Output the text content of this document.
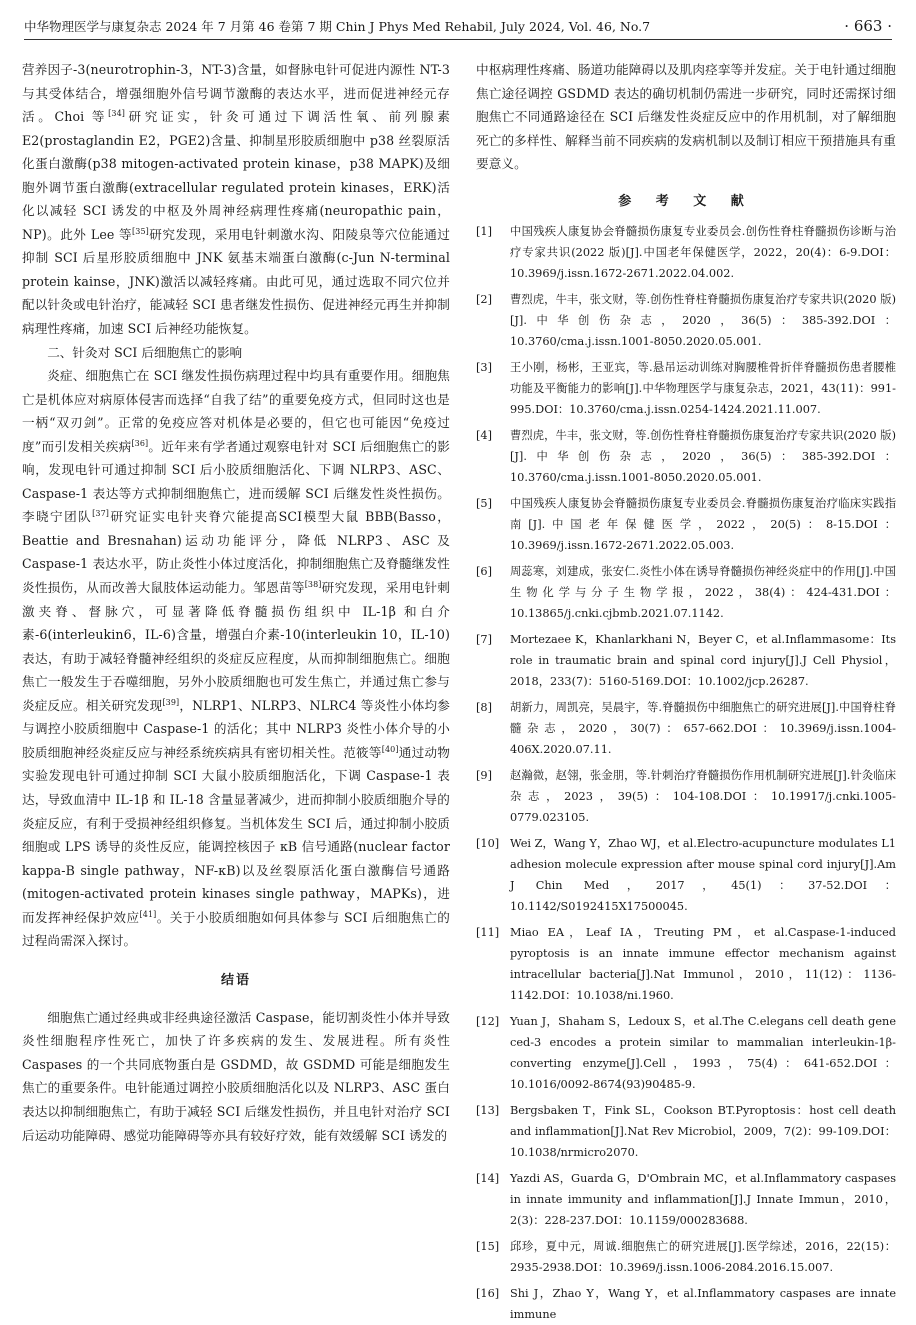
中华物理医学与康复杂志 2024 年 7 月第 46 卷第 7 期 Chin J Phys Med Rehabil, July 2024, Vol. 46, No.7	· 663 ·

营养因子-3(neurotrophin-3，NT-3)含量，如督脉电针可促进内源性 NT-3 与其受体结合，增强细胞外信号调节激酶的表达水平，进而促进神经元存活。Choi 等[34]研究证实，针灸可通过下调活性氧、前列腺素 E2(prostaglandin E2，PGE2)含量、抑制星形胶质细胞中 p38 丝裂原活化蛋白激酶(p38 mitogen-activated protein kinase，p38 MAPK)及细胞外调节蛋白激酶(extracellular regulated protein kinases，ERK)活化以减轻 SCI 诱发的中枢及外周神经病理性疼痛(neuropathic pain，NP)。此外 Lee 等[35]研究发现，采用电针刺激水沟、阳陵泉等穴位能通过抑制 SCI 后星形胶质细胞中 JNK 氨基末端蛋白激酶(c-Jun N-terminal protein kainse，JNK)激活以减轻疼痛。由此可见，通过选取不同穴位并配以针灸或电针治疗，能减轻 SCI 患者继发性损伤、促进神经元再生并抑制病理性疼痛，加速 SCI 后神经功能恢复。

二、针灸对 SCI 后细胞焦亡的影响

炎症、细胞焦亡在 SCI 继发性损伤病理过程中均具有重要作用。细胞焦亡是机体应对病原体侵害而选择“自我了结”的重要免疫方式，但同时这也是一柄“双刃剑”。正常的免疫应答对机体是必要的，但它也可能因“免疫过度”而引发相关疾病[36]。近年来有学者通过观察电针对 SCI 后细胞焦亡的影响，发现电针可通过抑制 SCI 后小胶质细胞活化、下调 NLRP3、ASC、Caspase-1 表达等方式抑制细胞焦亡，进而缓解 SCI 后继发性炎性损伤。李晓宁团队[37]研究证实电针夹脊穴能提高SCI模型大鼠 BBB(Basso，Beattie and Bresnahan)运动功能评分，降低 NLRP3、ASC 及 Caspase-1 表达水平，防止炎性小体过度活化，抑制细胞焦亡及脊髓继发性炎性损伤，从而改善大鼠肢体运动能力。邹恩苗等[38]研究发现，采用电针刺激夹脊、督脉穴，可显著降低脊髓损伤组织中 IL-1β 和白介素-6(interleukin6，IL-6)含量，增强白介素-10(interleukin 10，IL-10)表达，有助于减轻脊髓神经组织的炎症反应程度，从而抑制细胞焦亡。细胞焦亡一般发生于吞噬细胞，另外小胶质细胞也可发生焦亡，并通过焦亡参与炎症反应。相关研究发现[39]，NLRP1、NLRP3、NLRC4 等炎性小体均参与调控小胶质细胞中 Caspase-1 的活化；其中 NLRP3 炎性小体介导的小胶质细胞神经炎症反应与神经系统疾病具有密切相关性。范筱等[40]通过动物实验发现电针可通过抑制 SCI 大鼠小胶质细胞活化，下调 Caspase-1 表达，导致血清中 IL-1β 和 IL-18 含量显著减少，进而抑制小胶质细胞介导的炎症反应，有利于受损神经组织修复。当机体发生 SCI 后，通过抑制小胶质细胞或 LPS 诱导的炎性反应，能调控核因子 κB 信号通路(nuclear factor kappa-B single pathway，NF-κB)以及丝裂原活化蛋白激酶信号通路(mitogen-activated protein kinases single pathway，MAPKs)，进而发挥神经保护效应[41]。关于小胶质细胞如何具体参与 SCI 后细胞焦亡的过程尚需深入探讨。

结语

细胞焦亡通过经典或非经典途径激活 Caspase，能切割炎性小体并导致炎性细胞程序性死亡，加快了许多疾病的发生、发展进程。所有炎性 Caspases 的一个共同底物蛋白是 GSDMD，故 GSDMD 可能是细胞发生焦亡的重要条件。电针能通过调控小胶质细胞活化以及 NLRP3、ASC 蛋白表达以抑制细胞焦亡，有助于减轻 SCI 后继发性损伤，并且电针对治疗 SCI 后运动功能障碍、感觉功能障碍等亦具有较好疗效，能有效缓解 SCI 诱发的

中枢病理性疼痛、肠道功能障碍以及肌肉痉挛等并发症。关于电针通过细胞焦亡途径调控 GSDMD 表达的确切机制仍需进一步研究，同时还需探讨细胞焦亡不同通路途径在 SCI 后继发性炎症反应中的作用机制，对了解细胞死亡的多样性、解释当前不同疾病的发病机制以及制订相应干预措施具有重要意义。

参 考 文 献
[1]	中国残疾人康复协会脊髓损伤康复专业委员会.创伤性脊柱脊髓损伤诊断与治疗专家共识(2022 版)[J].中国老年保健医学，2022，20(4)：6-9.DOI：10.3969/j.issn.1672-2671.2022.04.002.
[2]	曹烈虎，牛丰，张文财，等.创伤性脊柱脊髓损伤康复治疗专家共识(2020 版)[J].中华创伤杂志，2020，36(5)：385-392.DOI：10.3760/cma.j.issn.1001-8050.2020.05.001.
[3]	王小刚，杨彬，王亚宾，等.悬吊运动训练对胸腰椎骨折伴脊髓损伤患者腰椎功能及平衡能力的影响[J].中华物理医学与康复杂志，2021，43(11)：991-995.DOI：10.3760/cma.j.issn.0254-1424.2021.11.007.
[4]	曹烈虎，牛丰，张文财，等.创伤性脊柱脊髓损伤康复治疗专家共识(2020 版)[J].中华创伤杂志，2020，36(5)：385-392.DOI：10.3760/cma.j.issn.1001-8050.2020.05.001.
[5]	中国残疾人康复协会脊髓损伤康复专业委员会.脊髓损伤康复治疗临床实践指南[J].中国老年保健医学，2022，20(5)：8-15.DOI：10.3969/j.issn.1672-2671.2022.05.003.
[6]	周蕊寒，刘建成，张安仁.炎性小体在诱导脊髓损伤神经炎症中的作用[J].中国生物化学与分子生物学报，2022，38(4)：424-431.DOI：10.13865/j.cnki.cjbmb.2021.07.1142.
[7]	Mortezaee K，Khanlarkhani N，Beyer C，et al.Inflammasome：Its role in traumatic brain and spinal cord injury[J].J Cell Physiol，2018，233(7)：5160-5169.DOI：10.1002/jcp.26287.
[8]	胡新力，周凯亮，吴晨宇，等.脊髓损伤中细胞焦亡的研究进展[J].中国脊柱脊髓杂志，2020，30(7)：657-662.DOI：10.3969/j.issn.1004-406X.2020.07.11.
[9]	赵瀚微，赵翎，张金朋，等.针刺治疗脊髓损伤作用机制研究进展[J].针灸临床杂志，2023，39(5)：104-108.DOI：10.19917/j.cnki.1005-0779.023105.
[10] Wei Z，Wang Y，Zhao WJ，et al.Electro-acupuncture modulates L1 adhesion molecule expression after mouse spinal cord injury[J].Am J Chin Med，2017，45(1)：37-52.DOI：10.1142/S0192415X17500045.
[11] Miao EA，Leaf IA，Treuting PM，et al.Caspase-1-induced pyroptosis is an innate immune effector mechanism against intracellular bacteria[J].Nat Immunol，2010，11(12)：1136-1142.DOI：10.1038/ni.1960.
[12] Yuan J，Shaham S，Ledoux S，et al.The C.elegans cell death gene ced-3 encodes a protein similar to mammalian interleukin-1β-converting enzyme[J].Cell，1993，75(4)：641-652.DOI：10.1016/0092-8674(93)90485-9.
[13] Bergsbaken T，Fink SL，Cookson BT.Pyroptosis：host cell death and inflammation[J].Nat Rev Microbiol，2009，7(2)：99-109.DOI：10.1038/nrmicro2070.
[14] Yazdi AS，Guarda G，D'Ombrain MC，et al.Inflammatory caspases in innate immunity and inflammation[J].J Innate Immun，2010，2(3)：228-237.DOI：10.1159/000283688.
[15] 邱珍，夏中元，周诚.细胞焦亡的研究进展[J].医学综述，2016，22(15)：2935-2938.DOI：10.3969/j.issn.1006-2084.2016.15.007.
[16] Shi J，Zhao Y，Wang Y，et al.Inflammatory caspases are innate immune
